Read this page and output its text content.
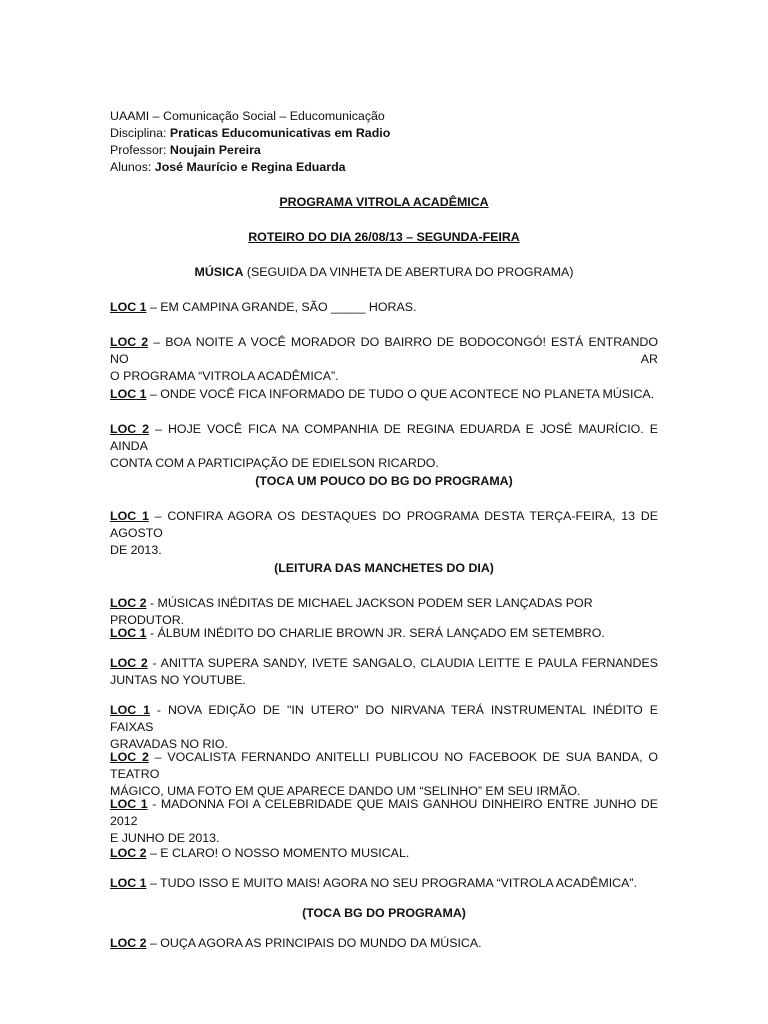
UAAMI – Comunicação Social – Educomunicação

Disciplina: Praticas Educomunicativas em Radio

Professor: Noujain Pereira

Alunos: José Maurício e Regina Eduarda

PROGRAMA VITROLA ACADÊMICA

ROTEIRO DO DIA 26/08/13 – SEGUNDA-FEIRA

MÚSICA (SEGUIDA DA VINHETA DE ABERTURA DO PROGRAMA)

LOC 1 – EM CAMPINA GRANDE, SÃO _____ HORAS.

LOC 2 – BOA NOITE A VOCÊ MORADOR DO BAIRRO DE BODOCONGÓ! ESTÁ ENTRANDO NO AR
O PROGRAMA “VITROLA ACADÊMICA”.

LOC 1 – ONDE VOCÊ FICA INFORMADO DE TUDO O QUE ACONTECE NO PLANETA MÚSICA.

LOC 2 – HOJE VOCÊ FICA NA COMPANHIA DE REGINA EDUARDA E JOSÉ MAURÍCIO. E AINDA
CONTA COM A PARTICIPAÇÃO DE EDIELSON RICARDO.

(TOCA UM POUCO DO BG DO PROGRAMA)

LOC 1 – CONFIRA AGORA OS DESTAQUES DO PROGRAMA DESTA TERÇA-FEIRA, 13 DE AGOSTO
DE 2013.

(LEITURA DAS MANCHETES DO DIA)

LOC 2 - MÚSICAS INÉDITAS DE MICHAEL JACKSON PODEM SER LANÇADAS POR PRODUTOR.

LOC 1 - ÁLBUM INÉDITO DO CHARLIE BROWN JR. SERÁ LANÇADO EM SETEMBRO.

LOC 2 - ANITTA SUPERA SANDY, IVETE SANGALO, CLAUDIA LEITTE E PAULA FERNANDES
JUNTAS NO YOUTUBE.

LOC 1 - NOVA EDIÇÃO DE "IN UTERO" DO NIRVANA TERÁ INSTRUMENTAL INÉDITO E FAIXAS
GRAVADAS NO RIO.

LOC 2 – VOCALISTA FERNANDO ANITELLI PUBLICOU NO FACEBOOK DE SUA BANDA, O TEATRO
MÁGICO, UMA FOTO EM QUE APARECE DANDO UM “SELINHO” EM SEU IRMÃO.

LOC 1 - MADONNA FOI A CELEBRIDADE QUE MAIS GANHOU DINHEIRO ENTRE JUNHO DE 2012
E JUNHO DE 2013.

LOC 2 – E CLARO! O NOSSO MOMENTO MUSICAL.

LOC 1 – TUDO ISSO E MUITO MAIS! AGORA NO SEU PROGRAMA “VITROLA ACADÊMICA”.

(TOCA BG DO PROGRAMA)

LOC 2 – OUÇA AGORA AS PRINCIPAIS DO MUNDO DA MÚSICA.
